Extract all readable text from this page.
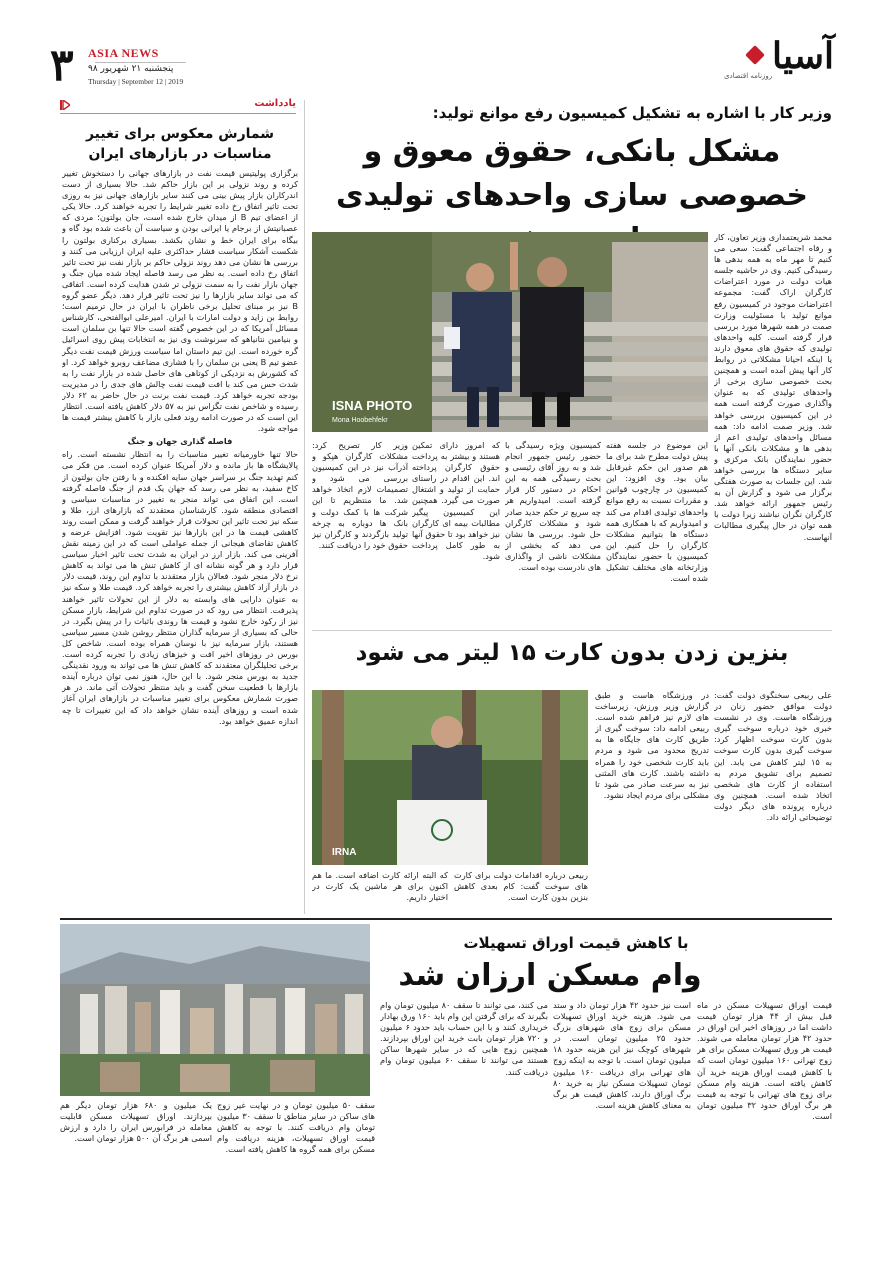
۳ ASIA NEWS
پنجشنبه ۲۱ شهریور ۹۸
Thursday | September 12 | 2019
آسیا
روزنامه اقتصادی
یادداشت
شمارش معکوس برای تغییر مناسبات در بازارهای ایران

برگزاری پولیتیس قیمت نفت در بازارهای جهانی را دستخوش تغییر کرده و روند نزولی بر این بازار حاکم شد. حالا بسیاری از دست اندرکاران بازار پیش بینی می کنند سایر بازارهای جهانی نیز به روزی تحت تاثیر اتفاق رخ داده تغییر شرایط را تجربه خواهند کرد. حالا یکی از اعضای تیم B از میدان خارج شده است، جان بولتون؛ مردی که عصبانیتش از برجام یا ایرانی بودن و سیاست آن باعث شده بود گاه و بیگاه برای ایران خط و نشان بکشد. بسیاری برکناری بولتون را شکست آشکار سیاست فشار حداکثری علیه ایران ارزیابی می کنند و بررسی ها نشان می دهد روند نزولی حاکم بر بازار نفت نیز تحت تاثیر اتفاق رخ داده است. به نظر می رسد فاصله ایجاد شده میان جنگ و جهان بازار نفت را به سمت نزولی تر شدن هدایت کرده است. اتفاقی که می تواند سایر بازارها را نیز تحت تاثیر قرار دهد. دیگر عضو گروه B نیز بر مبنای تحلیل برخی ناظران با ایران در حال ترمیم است؛ روابط بن زاید و دولت امارات با ایران. امیرعلی ابوالفتحی، کارشناس مسائل آمریکا که در این خصوص گفته است حالا تنها بن سلمان است و بنیامین نتانیاهو که سرنوشت وی نیز به انتخابات پیش روی اسرائیل گره خورده است. این تیم داستان اما سیاست ورزش قیمت نفت دیگر عضو تیم B یعنی بن سلمان را با فشاری مضاعف روبرو خواهد کرد. او که کشورش به نزدیکی از کوتاهی های حاصل شده در بازار نفت را به شدت حس می کند با افت قیمت نفت چالش های جدی را در مدیریت بودجه تجربه خواهد کرد. قیمت نفت برنت در حال حاضر به ۶۲ دلار رسیده و شاخص نفت تگزاس نیز به ۵۷ دلار کاهش یافته است. انتظار این است که در صورت ادامه روند فعلی بازار با کاهش بیشتر قیمت ها مواجه شود.

فاصله گذاری جهان و جنگ

حالا تنها خاورمیانه تغییر مناسبات را به انتظار نشسته است. راه پالایشگاه ها باز مانده و دلار آمریکا عنوان کرده است. من فکر می کنم تهدید جنگ بر سراسر جهان سایه افکنده و با رفتن جان بولتون از کاخ سفید، به نظر می رسد که جهان یک قدم از جنگ فاصله گرفته است. این اتفاق می تواند منجر به تغییر در مناسبات سیاسی و اقتصادی منطقه شود. کارشناسان معتقدند که بازارهای ارز، طلا و سکه نیز تحت تاثیر این تحولات قرار خواهند گرفت و ممکن است روند کاهشی قیمت ها در این بازارها نیز تقویت شود. افزایش عرضه و کاهش تقاضای هیجانی از جمله عواملی است که در این زمینه نقش آفرینی می کند. بازار ارز در ایران به شدت تحت تاثیر اخبار سیاسی قرار دارد و هر گونه نشانه ای از کاهش تنش ها می تواند به کاهش نرخ دلار منجر شود. فعالان بازار معتقدند با تداوم این روند، قیمت دلار در بازار آزاد کاهش بیشتری را تجربه خواهد کرد. قیمت طلا و سکه نیز به عنوان دارایی های وابسته به دلار از این تحولات تاثیر خواهند پذیرفت. انتظار می رود که در صورت تداوم این شرایط، بازار مسکن نیز از رکود خارج نشود و قیمت ها روندی باثبات را در پیش بگیرد. در حالی که بسیاری از سرمایه گذاران منتظر روشن شدن مسیر سیاسی هستند، بازار سرمایه نیز با نوسان همراه بوده است. شاخص کل بورس در روزهای اخیر افت و خیزهای زیادی را تجربه کرده است. برخی تحلیلگران معتقدند که کاهش تنش ها می تواند به ورود نقدینگی جدید به بورس منجر شود. با این حال، هنوز نمی توان درباره آینده بازارها با قطعیت سخن گفت و باید منتظر تحولات آتی ماند. در هر صورت شمارش معکوس برای تغییر مناسبات در بازارهای ایران آغاز شده است و روزهای آینده نشان خواهد داد که این تغییرات تا چه اندازه عمیق خواهد بود.

وزیر کار با اشاره به تشکیل کمیسیون رفع موانع تولید:
مشکل بانکی، حقوق معوق و خصوصی سازی واحدهای تولیدی
ISNA PHOTO
Mona Hoobehfekr
محمد شریعتمداری وزیر تعاون، کار و رفاه اجتماعی گفت: سعی می کنیم تا مهر ماه به همه بدهی ها رسیدگی کنیم. وی در حاشیه جلسه هیات دولت در مورد اعتراضات کارگران اراک گفت: مجموعه اعتراضات موجود در کمیسیون رفع موانع تولید با مسئولیت وزارت صمت در همه شهرها مورد بررسی قرار گرفته است. کلیه واحدهای تولیدی که حقوق های معوق دارند یا اینکه احیانا مشکلاتی در روابط کار آنها پیش آمده است و همچنین بحث خصوصی سازی برخی از واحدهای تولیدی که به عنوان واگذاری صورت گرفته است همه در این کمیسیون بررسی خواهد شد. وزیر صمت ادامه داد: همه مسائل واحدهای تولیدی اعم از بدهی ها و مشکلات بانکی آنها با حضور نمایندگان بانک مرکزی و سایر دستگاه ها بررسی خواهد شد. این جلسات به صورت هفتگی برگزار می شود و گزارش آن به رئیس جمهور ارائه خواهد شد. کارگران نگران نباشند زیرا دولت با همه توان در حال پیگیری مطالبات آنهاست.
این موضوع در جلسه هفته پیش دولت مطرح شد برای ما هم صدور این حکم غیرقابل بیان بود. وی افزود: این کمیسیون در چارچوب قوانین و مقررات نسبت به رفع موانع واحدهای تولیدی اقدام می کند و امیدواریم که با همکاری همه دستگاه ها بتوانیم مشکلات کارگران را حل کنیم. این کمیسیون با حضور نمایندگان وزارتخانه های مختلف تشکیل شده است.
کمیسیون ویژه رسیدگی با حضور رئیس جمهور انجام شد و به روز آقای رئیسی و بحث رسیدگی همه به این احکام در دستور کار قرار گرفته است. امیدواریم هر چه سریع تر حکم جدید صادر شود و مشکلات کارگران حل شود. بررسی ها نشان می دهد که بخشی از مشکلات ناشی از واگذاری های نادرست بوده است.
که امروز دارای تمکین هستند و بیشتر به پرداخت حقوق کارگران پرداخته اند. این اقدام در راستای حمایت از تولید و اشتغال صورت می گیرد. همچنین این کمیسیون پیگیر مطالبات بیمه ای کارگران نیز خواهد بود تا حقوق آنها به طور کامل پرداخت شود.
وزیر کار تصریح کرد: مشکلات کارگران هپکو و آذرآب نیز در این کمیسیون بررسی می شود و تصمیمات لازم اتخاذ خواهد شد. ما منتظریم تا این شرکت ها با کمک دولت و بانک ها دوباره به چرخه تولید بازگردند و کارگران نیز حقوق خود را دریافت کنند.
بنزین زدن بدون کارت ۱۵ لیتر می شود
IRNA
علی ربیعی سخنگوی دولت گفت: دولت موافق حضور زنان در ورزشگاه هاست. وی در نشست خبری خود درباره سوخت گیری بدون کارت سوخت اظهار کرد: سوخت گیری بدون کارت سوخت به ۱۵ لیتر کاهش می یابد. این تصمیم برای تشویق مردم به استفاده از کارت های شخصی اتخاذ شده است. همچنین وی درباره پرونده های دیگر دولت توضیحاتی ارائه داد.
در ورزشگاه هاست و طبق گزارش وزیر ورزش، زیرساخت های لازم نیز فراهم شده است. ربیعی ادامه داد: سوخت گیری از طریق کارت های جایگاه ها به تدریج محدود می شود و مردم باید کارت شخصی خود را همراه داشته باشند. کارت های المثنی نیز به سرعت صادر می شود تا مشکلی برای مردم ایجاد نشود.
ربیعی درباره اقدامات دولت برای کارت های سوخت گفت: کام بعدی کاهش بنزین بدون کارت است.
که البته ارائه کارت اضافه است. ما هم اکنون برای هر ماشین یک کارت در اختیار داریم.
با کاهش قیمت اوراق تسهیلات
وام مسکن ارزان شد
قیمت اوراق تسهیلات مسکن در ماه قبل بیش از ۴۴ هزار تومان قیمت داشت اما در روزهای اخیر این اوراق در حدود ۴۲ هزار تومان معامله می شوند. قیمت هر ورق تسهیلات مسکن برای هر زوج تهرانی ۱۶۰ میلیون تومان است که با کاهش قیمت اوراق هزینه خرید آن کاهش یافته است. هزینه وام مسکن برای زوج های تهرانی با توجه به قیمت هر برگ اوراق حدود ۳۲ میلیون تومان است.
است نیز حدود ۴۲ هزار تومان داد و ستد می شود. هزینه خرید اوراق تسهیلات مسکن برای زوج های شهرهای بزرگ حدود ۲۵ میلیون تومان است. در شهرهای کوچک نیز این هزینه حدود ۱۸ میلیون تومان است. با توجه به اینکه زوج های تهرانی برای دریافت ۱۶۰ میلیون تومان تسهیلات مسکن نیاز به خرید ۸۰ برگ اوراق دارند، کاهش قیمت هر برگ به معنای کاهش هزینه است.
می کنند، می توانند تا سقف ۸۰ میلیون تومان وام بگیرند که برای گرفتن این وام باید ۱۶۰ ورق بهادار خریداری کنند و با این حساب باید حدود ۶ میلیون و ۷۲۰ هزار تومان بابت خرید این اوراق بپردازند. همچنین زوج هایی که در سایر شهرها ساکن هستند می توانند تا سقف ۶۰ میلیون تومان وام دریافت کنند.
سقف ۵۰ میلیون تومان و در نهایت غیر زوج های ساکن در سایر مناطق تا سقف ۳۰ میلیون تومان وام دریافت کنند. با توجه به کاهش قیمت اوراق تسهیلات، هزینه دریافت وام مسکن برای همه گروه ها کاهش یافته است.
یک میلیون و ۶۸۰ هزار تومان دیگر هم بپردازند. اوراق تسهیلات مسکن قابلیت معامله در فرابورس ایران را دارد و ارزش اسمی هر برگ آن ۵۰۰ هزار تومان است.
